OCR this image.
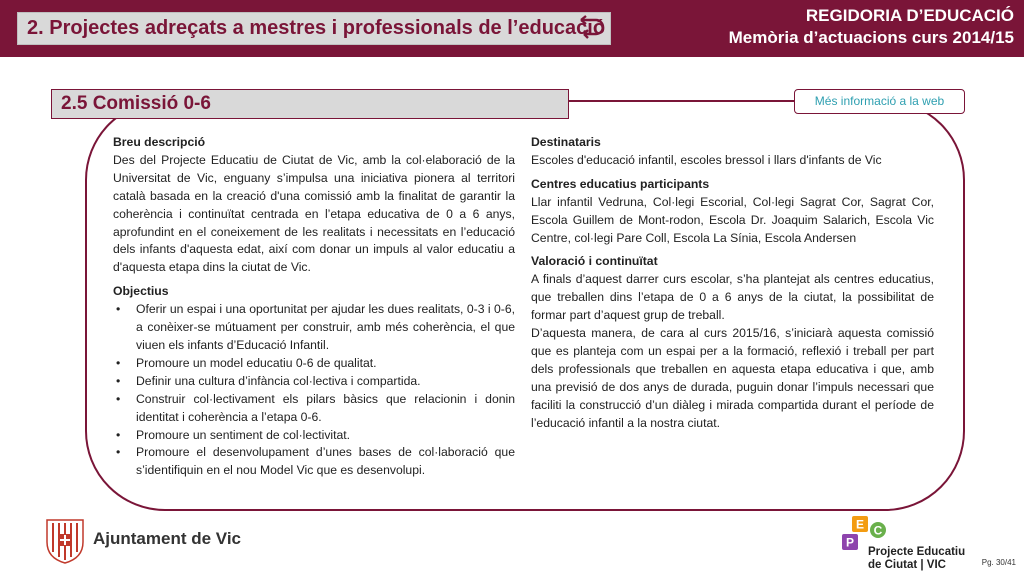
2. Projectes adreçats a mestres i professionals de l’educació
REGIDORIA D’EDUCACIÓ
Memòria d’actuacions curs 2014/15
2.5 Comissió 0-6	Més informació a la web
Breu descripció
Des del Projecte Educatiu de Ciutat de Vic, amb la col·elaboració de la Universitat de Vic, enguany s’impulsa una iniciativa pionera al territori català basada en la creació d'una comissió amb la finalitat de garantir la coherència i continuïtat centrada en l’etapa educativa de 0 a 6 anys, aprofundint en el coneixement de les realitats i necessitats en l’educació dels infants d'aquesta edat, així com donar un impuls al valor educatiu a d'aquesta etapa dins la ciutat de Vic.
Objectius
• Oferir un espai i una oportunitat per ajudar les dues realitats, 0-3 i 0-6, a conèixer-se mútuament per construir, amb més coherència, el que viuen els infants d’Educació Infantil.
• Promoure un model educatiu 0-6 de qualitat.
• Definir una cultura d’infància col·lectiva i compartida.
• Construir col·lectivament els pilars bàsics que relacionin i donin identitat i coherència a l’etapa 0-6.
• Promoure un sentiment de col·lectivitat.
• Promoure el desenvolupament d’unes bases de col·laboració que s’identifiquin en el nou Model Vic que es desenvolupi.
Destinataris
Escoles d'educació infantil, escoles bressol i llars d'infants de Vic
Centres educatius participants
Llar infantil Vedruna, Col·legi Escorial, Col·legi Sagrat Cor, Sagrat Cor, Escola Guillem de Mont-rodon, Escola Dr. Joaquim Salarich, Escola Vic Centre, col·legi Pare Coll, Escola La Sínia, Escola Andersen
Valoració i continuïtat
A finals d’aquest darrer curs escolar, s’ha plantejat als centres educatius, que treballen dins l’etapa de 0 a 6 anys de la ciutat, la possibilitat de formar part d’aquest grup de treball.
D’aquesta manera, de cara al curs 2015/16, s’iniciarà aquesta comissió que es planteja com un espai per a la formació, reflexió i treball per part dels professionals que treballen en aquesta etapa educativa i que, amb una previsió de dos anys de durada, puguin donar l’impuls necessari que faciliti la construcció d’un diàleg i mirada compartida durant el període de l’educació infantil a la nostra ciutat.
Ajuntament de Vic
E C
P
Projecte Educatiu
de Ciutat | VIC	Pg. 30/41
